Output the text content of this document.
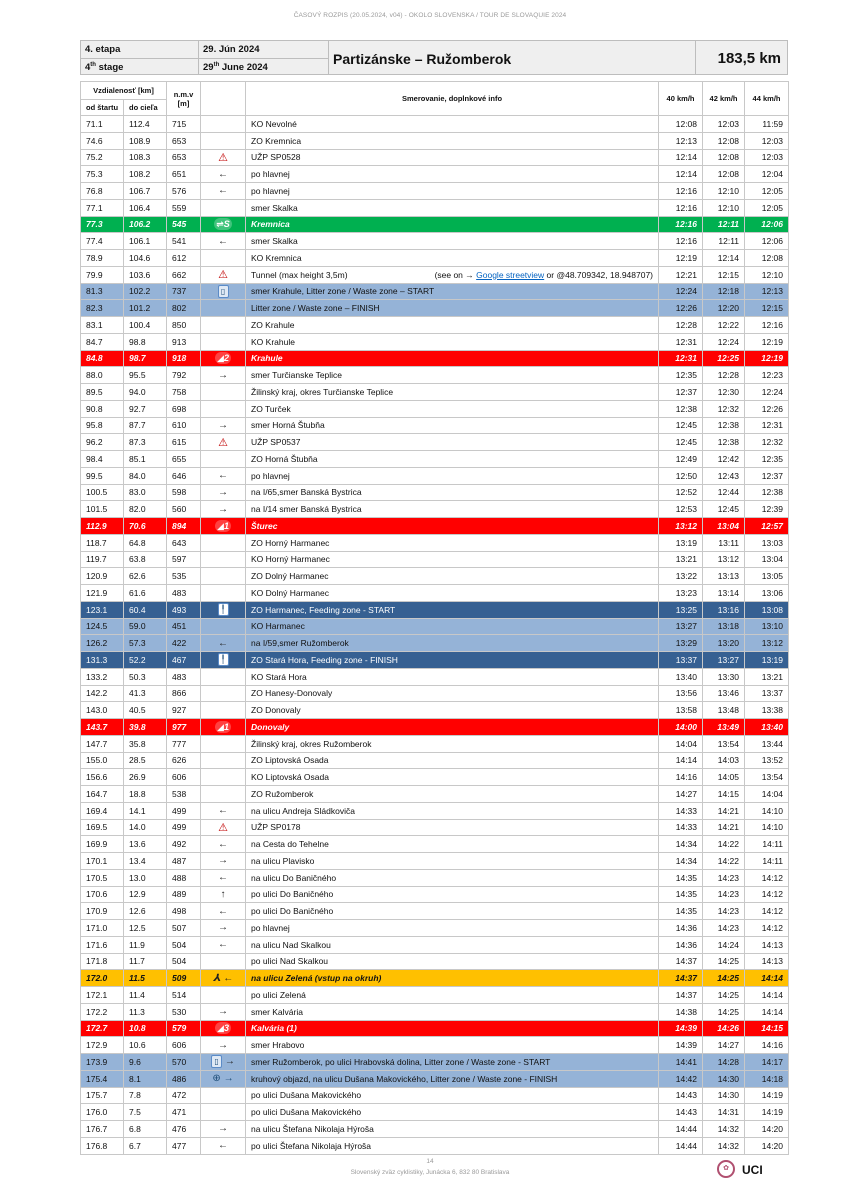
ČASOVÝ ROZPIS (20.05.2024, v04) - OKOLO SLOVENSKA / TOUR DE SLOVAQUIE 2024
4. etapa
4th stage
29. Jún 2024
29th June 2024
Partizánske – Ružomberok	183,5 km
Vzdialenosť [km]		n.m.v [m]		Smerovanie, doplnkové info	40 km/h	42 km/h	44 km/h
od štartu	do cieľa						
71.1	112.4	715		KO Nevolné	12:08	12:03	11:59
74.6	108.9	653		ZO Kremnica	12:13	12:08	12:03
75.2	108.3	653	⚠	UŽP SP0528	12:14	12:08	12:03
75.3	108.2	651	←	po hlavnej	12:14	12:08	12:04
76.8	106.7	576	←	po hlavnej	12:16	12:10	12:05
77.1	106.4	559		smer Skalka	12:16	12:10	12:05
77.3	106.2	545	⇌S	Kremnica	12:16	12:11	12:06
77.4	106.1	541	←	smer Skalka	12:16	12:11	12:06
78.9	104.6	612		KO Kremnica	12:19	12:14	12:08
79.9	103.6	662	⚠	Tunnel (max height 3,5m) (see on → Google streetview or @48.709342, 18.948707)	12:21	12:15	12:10
81.3	102.2	737	▯	smer Krahule, Litter zone / Waste zone – START	12:24	12:18	12:13
82.3	101.2	802		Litter zone / Waste zone – FINISH	12:26	12:20	12:15
83.1	100.4	850		ZO Krahule	12:28	12:22	12:16
84.7	98.8	913		KO Krahule	12:31	12:24	12:19
84.8	98.7	918	◢2	Krahule	12:31	12:25	12:19
88.0	95.5	792	→	smer Turčianske Teplice	12:35	12:28	12:23
89.5	94.0	758		Žilinský kraj, okres Turčianske Teplice	12:37	12:30	12:24
90.8	92.7	698		ZO Turček	12:38	12:32	12:26
95.8	87.7	610	→	smer Horná Štubňa	12:45	12:38	12:31
96.2	87.3	615	⚠	UŽP SP0537	12:45	12:38	12:32
98.4	85.1	655		ZO Horná Štubňa	12:49	12:42	12:35
99.5	84.0	646	←	po hlavnej	12:50	12:43	12:37
100.5	83.0	598	→	na I/65,smer Banská Bystrica	12:52	12:44	12:38
101.5	82.0	560	→	na I/14 smer Banská Bystrica	12:53	12:45	12:39
112.9	70.6	894	◢1	Šturec	13:12	13:04	12:57
118.7	64.8	643		ZO Horný Harmanec	13:19	13:11	13:03
119.7	63.8	597		KO Horný Harmanec	13:21	13:12	13:04
120.9	62.6	535		ZO Dolný Harmanec	13:22	13:13	13:05
121.9	61.6	483		KO Dolný Harmanec	13:23	13:14	13:06
123.1	60.4	493	╿	ZO Harmanec, Feeding zone - START	13:25	13:16	13:08
124.5	59.0	451		KO Harmanec	13:27	13:18	13:10
126.2	57.3	422	←	na I/59,smer Ružomberok	13:29	13:20	13:12
131.3	52.2	467	╿	ZO Stará Hora, Feeding zone - FINISH	13:37	13:27	13:19
133.2	50.3	483		KO Stará Hora	13:40	13:30	13:21
142.2	41.3	866		ZO Hanesy-Donovaly	13:56	13:46	13:37
143.0	40.5	927		ZO Donovaly	13:58	13:48	13:38
143.7	39.8	977	◢1	Donovaly	14:00	13:49	13:40
147.7	35.8	777		Žilinský kraj, okres Ružomberok	14:04	13:54	13:44
155.0	28.5	626		ZO Liptovská Osada	14:14	14:03	13:52
156.6	26.9	606		KO Liptovská Osada	14:16	14:05	13:54
164.7	18.8	538		ZO Ružomberok	14:27	14:15	14:04
169.4	14.1	499	←	na ulicu Andreja Sládkoviča	14:33	14:21	14:10
169.5	14.0	499	⚠	UŽP SP0178	14:33	14:21	14:10
169.9	13.6	492	←	na Cesta do Tehelne	14:34	14:22	14:11
170.1	13.4	487	→	na ulicu Plavisko	14:34	14:22	14:11
170.5	13.0	488	←	na ulicu Do Baničného	14:35	14:23	14:12
170.6	12.9	489	↑	po ulici Do Baničného	14:35	14:23	14:12
170.9	12.6	498	←	po ulici Do Baničného	14:35	14:23	14:12
171.0	12.5	507	→	po hlavnej	14:36	14:23	14:12
171.6	11.9	504	←	na ulicu Nad Skalkou	14:36	14:24	14:13
171.8	11.7	504		po ulici Nad Skalkou	14:37	14:25	14:13
172.0	11.5	509	⅄ ←	na ulicu Zelená (vstup na okruh)	14:37	14:25	14:14
172.1	11.4	514		po ulici Zelená	14:37	14:25	14:14
172.2	11.3	530	→	smer Kalvária	14:38	14:25	14:14
172.7	10.8	579	◢3	Kalvária (1)	14:39	14:26	14:15
172.9	10.6	606	→	smer Hrabovo	14:39	14:27	14:16
173.9	9.6	570	▯ →	smer Ružomberok, po ulici Hrabovská dolina, Litter zone / Waste zone - START	14:41	14:28	14:17
175.4	8.1	486	⊕ →	kruhový objazd, na ulicu Dušana Makovického, Litter zone / Waste zone - FINISH	14:42	14:30	14:18
175.7	7.8	472		po ulici Dušana Makovického	14:43	14:30	14:19
176.0	7.5	471		po ulici Dušana Makovického	14:43	14:31	14:19
176.7	6.8	476	→	na ulicu Štefana Nikolaja Hýroša	14:44	14:32	14:20
176.8	6.7	477	←	po ulici Štefana Nikolaja Hýroša	14:44	14:32	14:20
14
Slovenský zväz cyklistiky, Junácka 6, 832 80 Bratislava
✿	UCI
